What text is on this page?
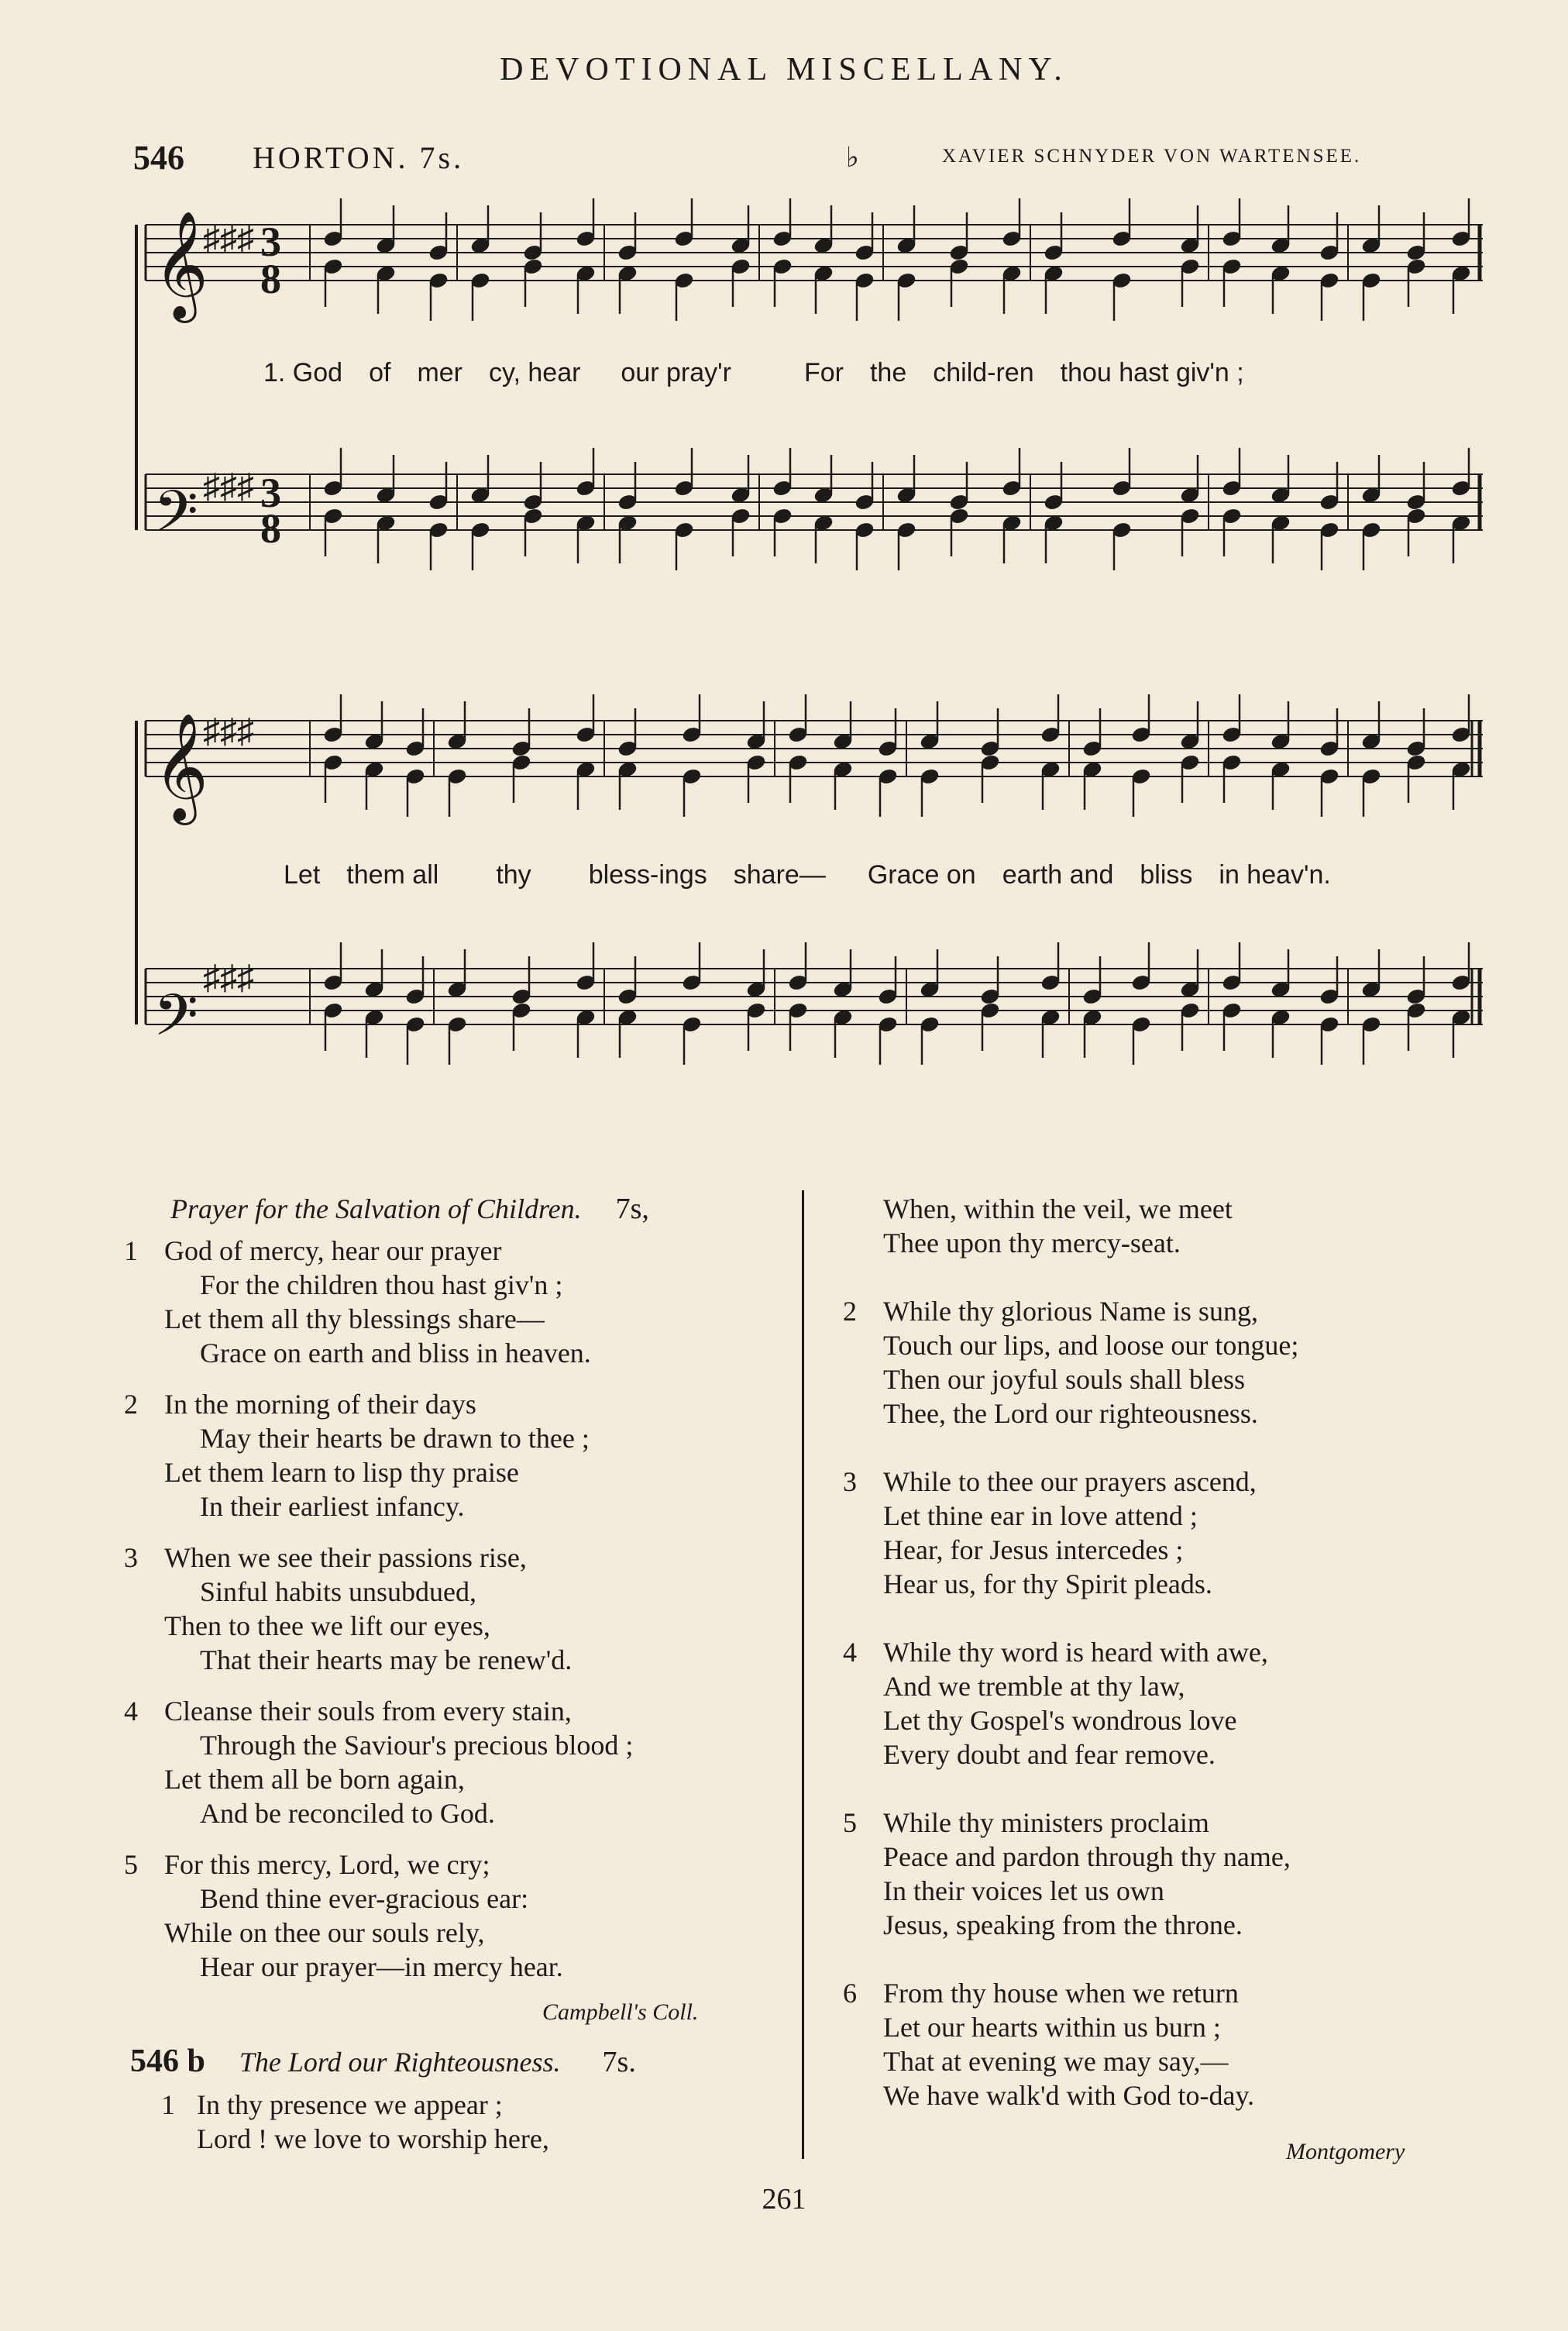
DEVOTIONAL MISCELLANY.
546 HORTON. 7s.	♭	XAVIER SCHNYDER VON WARTENSEE.
𝄞
𝄢
𝄞
𝄢
♯♯♯
♯♯♯
♯♯♯
♯♯♯
3
8
3
8
1. God of mer cy, hear our pray'r	For the child-ren thou hast giv'n ;
Let them all thy bless-ings share— Grace on earth and bliss in heav'n.
Prayer for the Salvation of Children. 7s,
1 God of mercy, hear our prayer
For the children thou hast giv'n ;
Let them all thy blessings share—
Grace on earth and bliss in heaven.
2 In the morning of their days
May their hearts be drawn to thee ;
Let them learn to lisp thy praise
In their earliest infancy.
3 When we see their passions rise,
Sinful habits unsubdued,
Then to thee we lift our eyes,
That their hearts may be renew'd.
4 Cleanse their souls from every stain,
Through the Saviour's precious blood ;
Let them all be born again,
And be reconciled to God.
5 For this mercy, Lord, we cry;
Bend thine ever-gracious ear:
While on thee our souls rely,
Hear our prayer—in mercy hear.
Campbell's Coll.
546 b The Lord our Righteousness. 7s.
1 In thy presence we appear ;
Lord ! we love to worship here,
When, within the veil, we meet
Thee upon thy mercy-seat.
2 While thy glorious Name is sung,
Touch our lips, and loose our tongue;
Then our joyful souls shall bless
Thee, the Lord our righteousness.
3 While to thee our prayers ascend,
Let thine ear in love attend ;
Hear, for Jesus intercedes ;
Hear us, for thy Spirit pleads.
4 While thy word is heard with awe,
And we tremble at thy law,
Let thy Gospel's wondrous love
Every doubt and fear remove.
5 While thy ministers proclaim
Peace and pardon through thy name,
In their voices let us own
Jesus, speaking from the throne.
6 From thy house when we return
Let our hearts within us burn ;
That at evening we may say,—
We have walk'd with God to-day.
Montgomery
261
